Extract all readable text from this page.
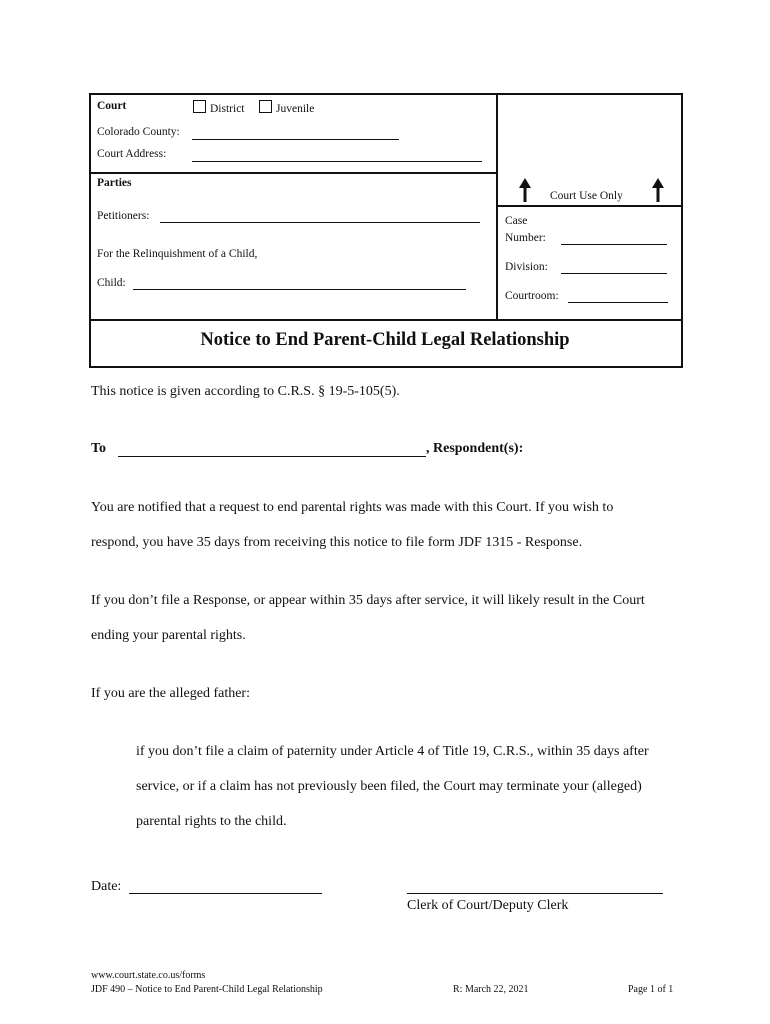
Court	District	Juvenile
Colorado County:
Court Address:
Parties
Petitioners:
For the Relinquishment of a Child,
Child:
Court Use Only
Case
Number:
Division:
Courtroom:
Notice to End Parent-Child Legal Relationship
This notice is given according to C.R.S. § 19-5-105(5).
To	, Respondent(s):
You are notified that a request to end parental rights was made with this Court. If you wish to
respond, you have 35 days from receiving this notice to file form JDF 1315 - Response.
If you don’t file a Response, or appear within 35 days after service, it will likely result in the Court
ending your parental rights.
If you are the alleged father:
if you don’t file a claim of paternity under Article 4 of Title 19, C.R.S., within 35 days after
service, or if a claim has not previously been filed, the Court may terminate your (alleged)
parental rights to the child.
Date:
Clerk of Court/Deputy Clerk
www.court.state.co.us/forms
JDF 490 – Notice to End Parent-Child Legal Relationship	R: March 22, 2021	Page 1 of 1
